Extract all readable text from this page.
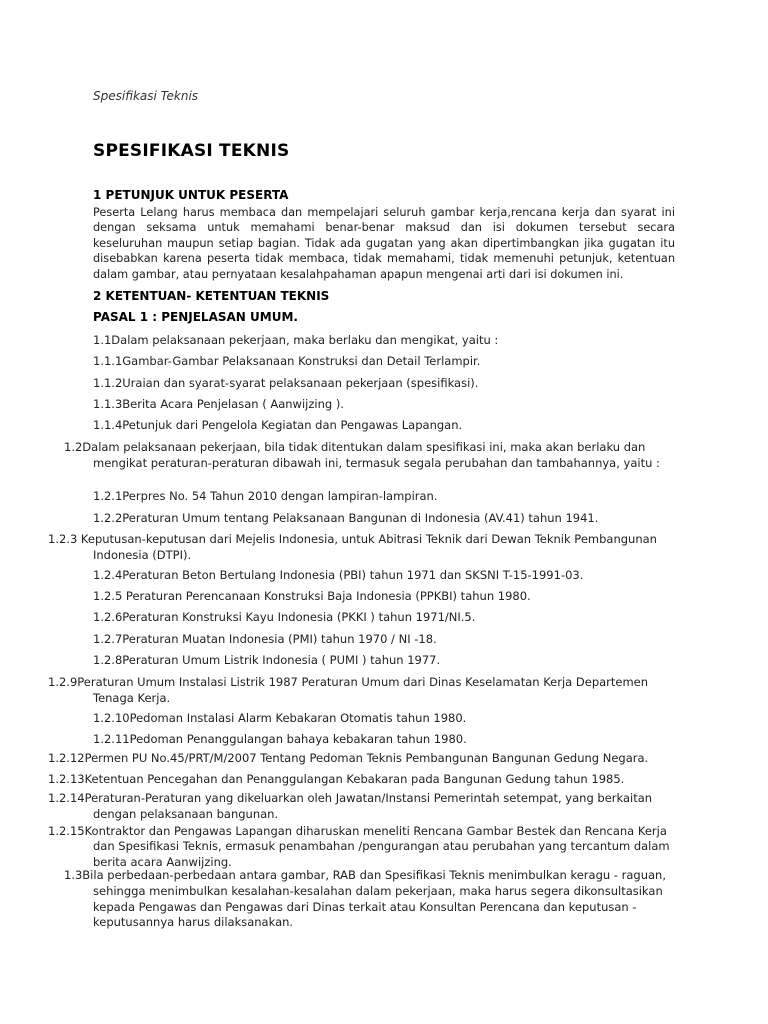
Spesifikasi Teknis
SPESIFIKASI TEKNIS
1 PETUNJUK UNTUK PESERTA
Peserta Lelang harus membaca dan mempelajari seluruh gambar kerja,rencana kerja dan syarat ini dengan seksama untuk memahami benar-benar maksud dan isi dokumen tersebut secara keseluruhan maupun setiap bagian. Tidak ada gugatan yang akan dipertimbangkan jika gugatan itu disebabkan karena peserta tidak membaca, tidak memahami, tidak memenuhi petunjuk, ketentuan dalam gambar, atau pernyataan kesalahpahaman apapun mengenai arti dari isi dokumen ini.
2 KETENTUAN- KETENTUAN TEKNIS
PASAL 1 : PENJELASAN UMUM.
1.1Dalam pelaksanaan pekerjaan, maka berlaku dan mengikat, yaitu :
1.1.1Gambar-Gambar Pelaksanaan Konstruksi dan Detail Terlampir.
1.1.2Uraian dan syarat-syarat pelaksanaan pekerjaan (spesifikasi).
1.1.3Berita Acara Penjelasan ( Aanwijzing ).
1.1.4Petunjuk dari Pengelola Kegiatan dan Pengawas Lapangan.
1.2Dalam pelaksanaan pekerjaan, bila tidak ditentukan dalam spesifikasi ini, maka akan berlaku dan
mengikat peraturan-peraturan dibawah ini, termasuk segala perubahan dan tambahannya, yaitu :
1.2.1Perpres No. 54 Tahun 2010 dengan lampiran-lampiran.
1.2.2Peraturan Umum tentang Pelaksanaan Bangunan di Indonesia (AV.41) tahun 1941.
1.2.3 Keputusan-keputusan dari Mejelis Indonesia, untuk Abitrasi Teknik dari Dewan Teknik Pembangunan
Indonesia (DTPI).
1.2.4Peraturan Beton Bertulang Indonesia (PBI) tahun 1971 dan SKSNI T-15-1991-03.
1.2.5 Peraturan Perencanaan Konstruksi Baja Indonesia (PPKBI) tahun 1980.
1.2.6Peraturan Konstruksi Kayu Indonesia (PKKI ) tahun 1971/NI.5.
1.2.7Peraturan Muatan Indonesia (PMI) tahun 1970 / NI -18.
1.2.8Peraturan Umum Listrik Indonesia ( PUMI ) tahun 1977.
1.2.9Peraturan Umum Instalasi Listrik 1987 Peraturan Umum dari Dinas Keselamatan Kerja Departemen
Tenaga Kerja.
1.2.10Pedoman Instalasi Alarm Kebakaran Otomatis tahun 1980.
1.2.11Pedoman Penanggulangan bahaya kebakaran tahun 1980.
1.2.12Permen PU No.45/PRT/M/2007 Tentang Pedoman Teknis Pembangunan Bangunan Gedung Negara.
1.2.13Ketentuan Pencegahan dan Penanggulangan Kebakaran pada Bangunan Gedung tahun 1985.
1.2.14Peraturan-Peraturan yang dikeluarkan oleh Jawatan/Instansi Pemerintah setempat, yang berkaitan
dengan pelaksanaan bangunan.
1.2.15Kontraktor dan Pengawas Lapangan diharuskan meneliti Rencana Gambar Bestek dan Rencana Kerja
dan Spesifikasi Teknis, ermasuk penambahan /pengurangan atau perubahan yang tercantum dalam
berita acara Aanwijzing.
1.3Bila perbedaan-perbedaan antara gambar, RAB dan Spesifikasi Teknis menimbulkan keragu - raguan,
sehingga menimbulkan kesalahan-kesalahan dalam pekerjaan, maka harus segera dikonsultasikan
kepada Pengawas dan Pengawas dari Dinas terkait atau Konsultan Perencana dan keputusan -
keputusannya harus dilaksanakan.
